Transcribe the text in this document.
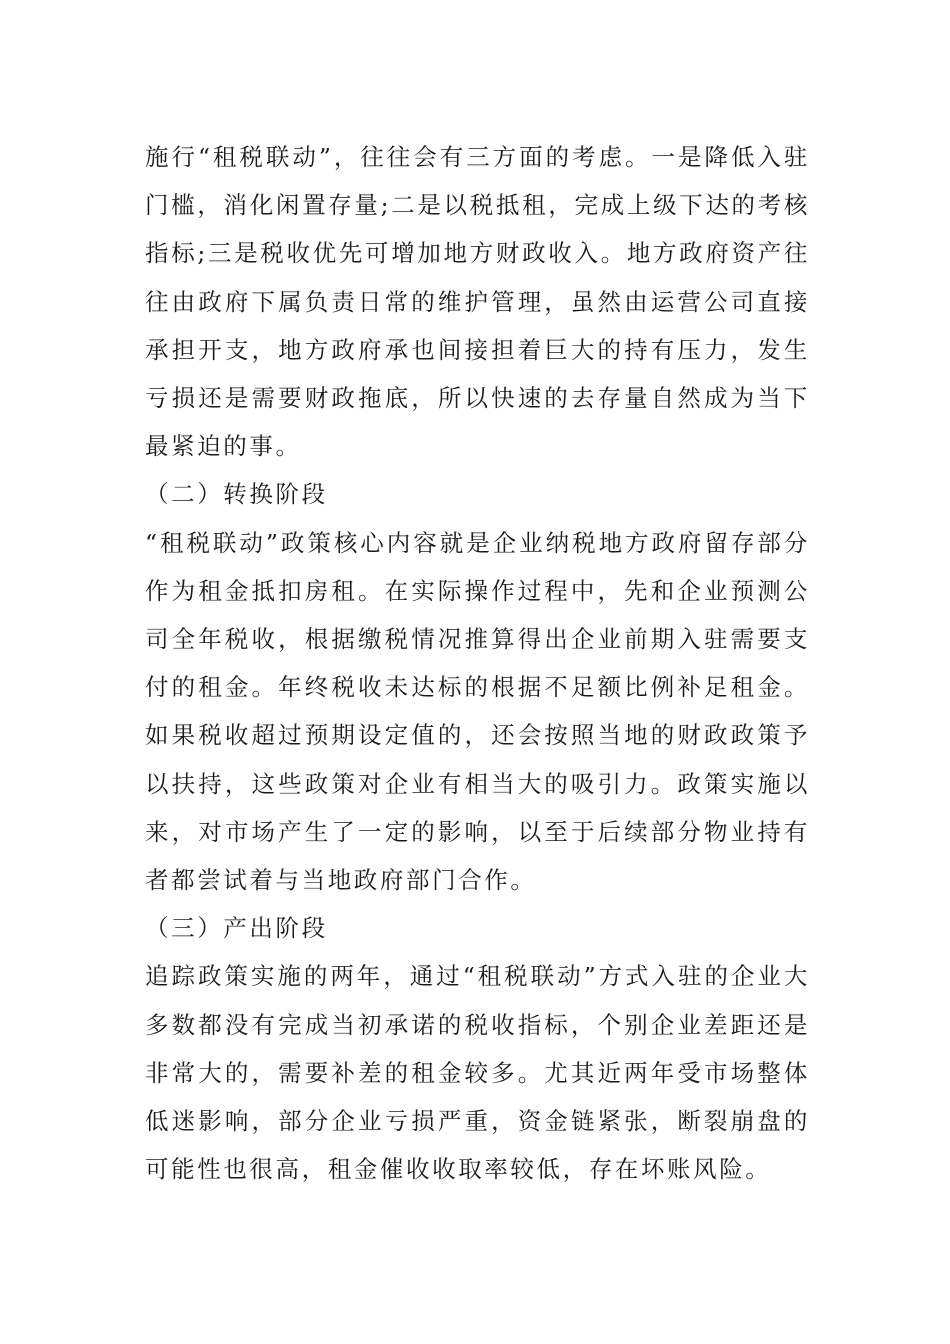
施行“租税联动”，往往会有三方面的考虑。一是降低入驻门槛，消化闲置存量;二是以税抵租，完成上级下达的考核指标;三是税收优先可增加地方财政收入。地方政府资产往往由政府下属负责日常的维护管理，虽然由运营公司直接承担开支，地方政府承也间接担着巨大的持有压力，发生亏损还是需要财政拖底，所以快速的去存量自然成为当下最紧迫的事。

（二）转换阶段

“租税联动”政策核心内容就是企业纳税地方政府留存部分作为租金抵扣房租。在实际操作过程中，先和企业预测公司全年税收，根据缴税情况推算得出企业前期入驻需要支付的租金。年终税收未达标的根据不足额比例补足租金。如果税收超过预期设定值的，还会按照当地的财政政策予以扶持，这些政策对企业有相当大的吸引力。政策实施以来，对市场产生了一定的影响，以至于后续部分物业持有者都尝试着与当地政府部门合作。

（三）产出阶段

追踪政策实施的两年，通过“租税联动”方式入驻的企业大多数都没有完成当初承诺的税收指标，个别企业差距还是非常大的，需要补差的租金较多。尤其近两年受市场整体低迷影响，部分企业亏损严重，资金链紧张，断裂崩盘的可能性也很高，租金催收收取率较低，存在坏账风险。
